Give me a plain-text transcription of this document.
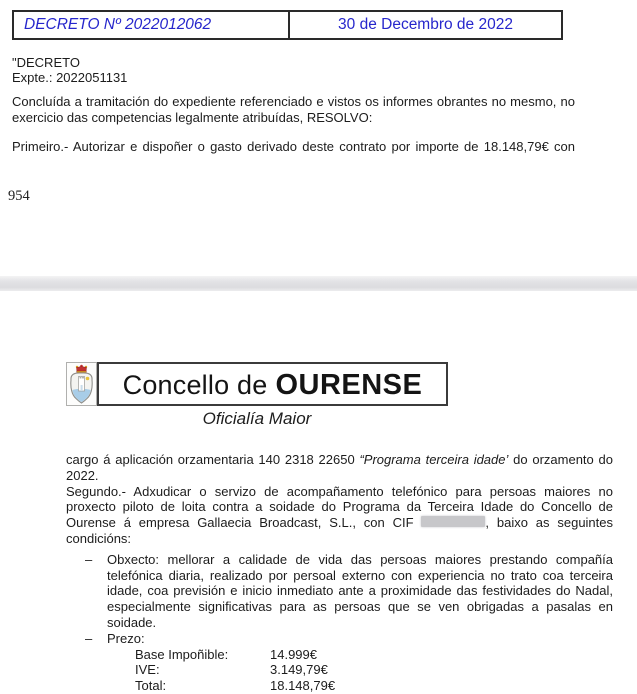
DECRETO Nº 2022012062	30 de Decembro de 2022
"DECRETO
Expte.: 2022051131

Concluída a tramitación do expediente referenciado e vistos os informes obrantes no mesmo, no exercicio das competencias legalmente atribuídas, RESOLVO:

Primeiro.- Autorizar e dispoñer o gasto derivado deste contrato por importe de 18.148,79€ con

954
Concello de OURENSE
Oficialía Maior

cargo á aplicación orzamentaria 140 2318 22650 “Programa terceira idade’ do orzamento do 2022.

Segundo.- Adxudicar o servizo de acompañamento telefónico para persoas maiores no proxecto piloto de loita contra a soidade do Programa da Terceira Idade do Concello de Ourense á empresa Gallaecia Broadcast, S.L., con CIF	, baixo as seguintes condicións:

–	Obxecto: mellorar a calidade de vida das persoas maiores prestando compañía telefónica diaria, realizado por persoal externo con experiencia no trato coa terceira idade, coa previsión e inicio inmediato ante a proximidade das festividades do Nadal, especialmente significativas para as persoas que se ven obrigadas a pasalas en soidade.

–	Prezo:

Base Impoñible:	14.999€
IVE:	3.149,79€
Total:	18.148,79€
